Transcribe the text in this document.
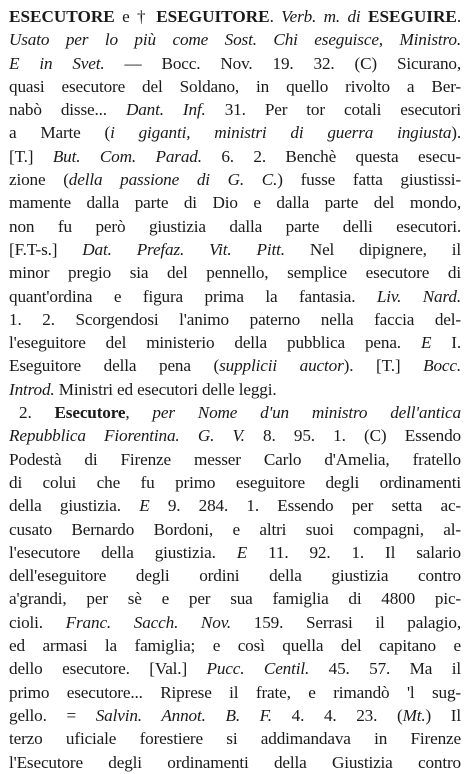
ESECUTORE e † ESEGUITORE. Verb. m. di ESEGUIRE.
Usato per lo più come Sost. Chi eseguisce, Ministro.
E in Svet. — Bocc. Nov. 19. 32. (C) Sicurano,
quasi esecutore del Soldano, in quello rivolto a Ber-
nabò disse... Dant. Inf. 31. Per tor cotali esecutori
a Marte (i giganti, ministri di guerra ingiusta).
[T.] But. Com. Parad. 6. 2. Benchè questa esecu-
zione (della passione di G. C.) fusse fatta giustissi-
mamente dalla parte di Dio e dalla parte del mondo,
non fu però giustizia dalla parte delli esecutori.
[F.T-s.] Dat. Prefaz. Vit. Pitt. Nel dipignere, il
minor pregio sia del pennello, semplice esecutore di
quant'ordina e figura prima la fantasia. Liv. Nard.
1. 2. Scorgendosi l'animo paterno nella faccia del-
l'eseguitore del ministerio della pubblica pena. E I.
Eseguitore della pena (supplicii auctor). [T.] Bocc.
Introd. Ministri ed esecutori delle leggi.
2. Esecutore, per Nome d'un ministro dell'antica
Repubblica Fiorentina. G. V. 8. 95. 1. (C) Essendo
Podestà di Firenze messer Carlo d'Amelia, fratello
di colui che fu primo eseguitore degli ordinamenti
della giustizia. E 9. 284. 1. Essendo per setta ac-
cusato Bernardo Bordoni, e altri suoi compagni, al-
l'esecutore della giustizia. E 11. 92. 1. Il salario
dell'eseguitore degli ordini della giustizia contro
a'grandi, per sè e per sua famiglia di 4800 pic-
cioli. Franc. Sacch. Nov. 159. Serrasi il palagio,
ed armasi la famiglia; e così quella del capitano e
dello esecutore. [Val.] Pucc. Centil. 45. 57. Ma il
primo esecutore... Riprese il frate, e rimandò 'l sug-
gello. = Salvin. Annot. B. F. 4. 4. 23. (Mt.) Il
terzo uficiale forestiere si addimandava in Firenze
l'Esecutore degli ordinamenti della Giustizia contro
